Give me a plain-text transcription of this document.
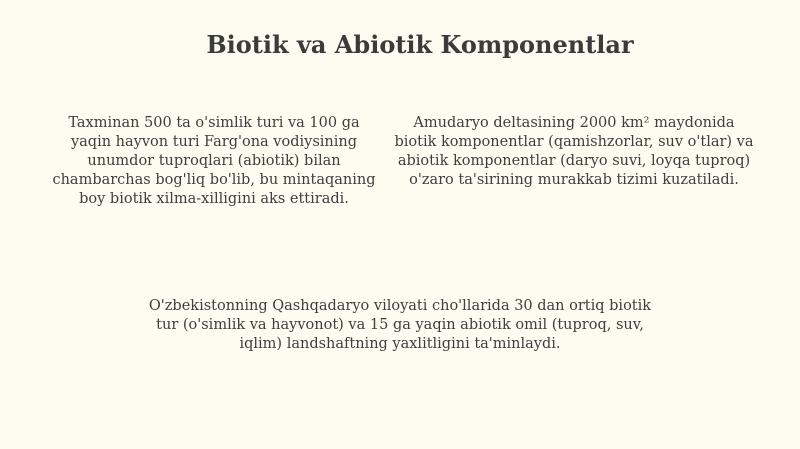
Biotik va Abiotik Komponentlar

Taxminan 500 ta o'simlik turi va 100 ga
yaqin hayvon turi Farg'ona vodiysining
unumdor tuproqlari (abiotik) bilan
chambarchas bog'liq bo'lib, bu mintaqaning
boy biotik xilma-xilligini aks ettiradi.

Amudaryo deltasining 2000 km² maydonida
biotik komponentlar (qamishzorlar, suv o'tlar) va
abiotik komponentlar (daryo suvi, loyqa tuproq)
o'zaro ta'sirining murakkab tizimi kuzatiladi.

O'zbekistonning Qashqadaryo viloyati cho'llarida 30 dan ortiq biotik
tur (o'simlik va hayvonot) va 15 ga yaqin abiotik omil (tuproq, suv,
iqlim) landshaftning yaxlitligini ta'minlaydi.
